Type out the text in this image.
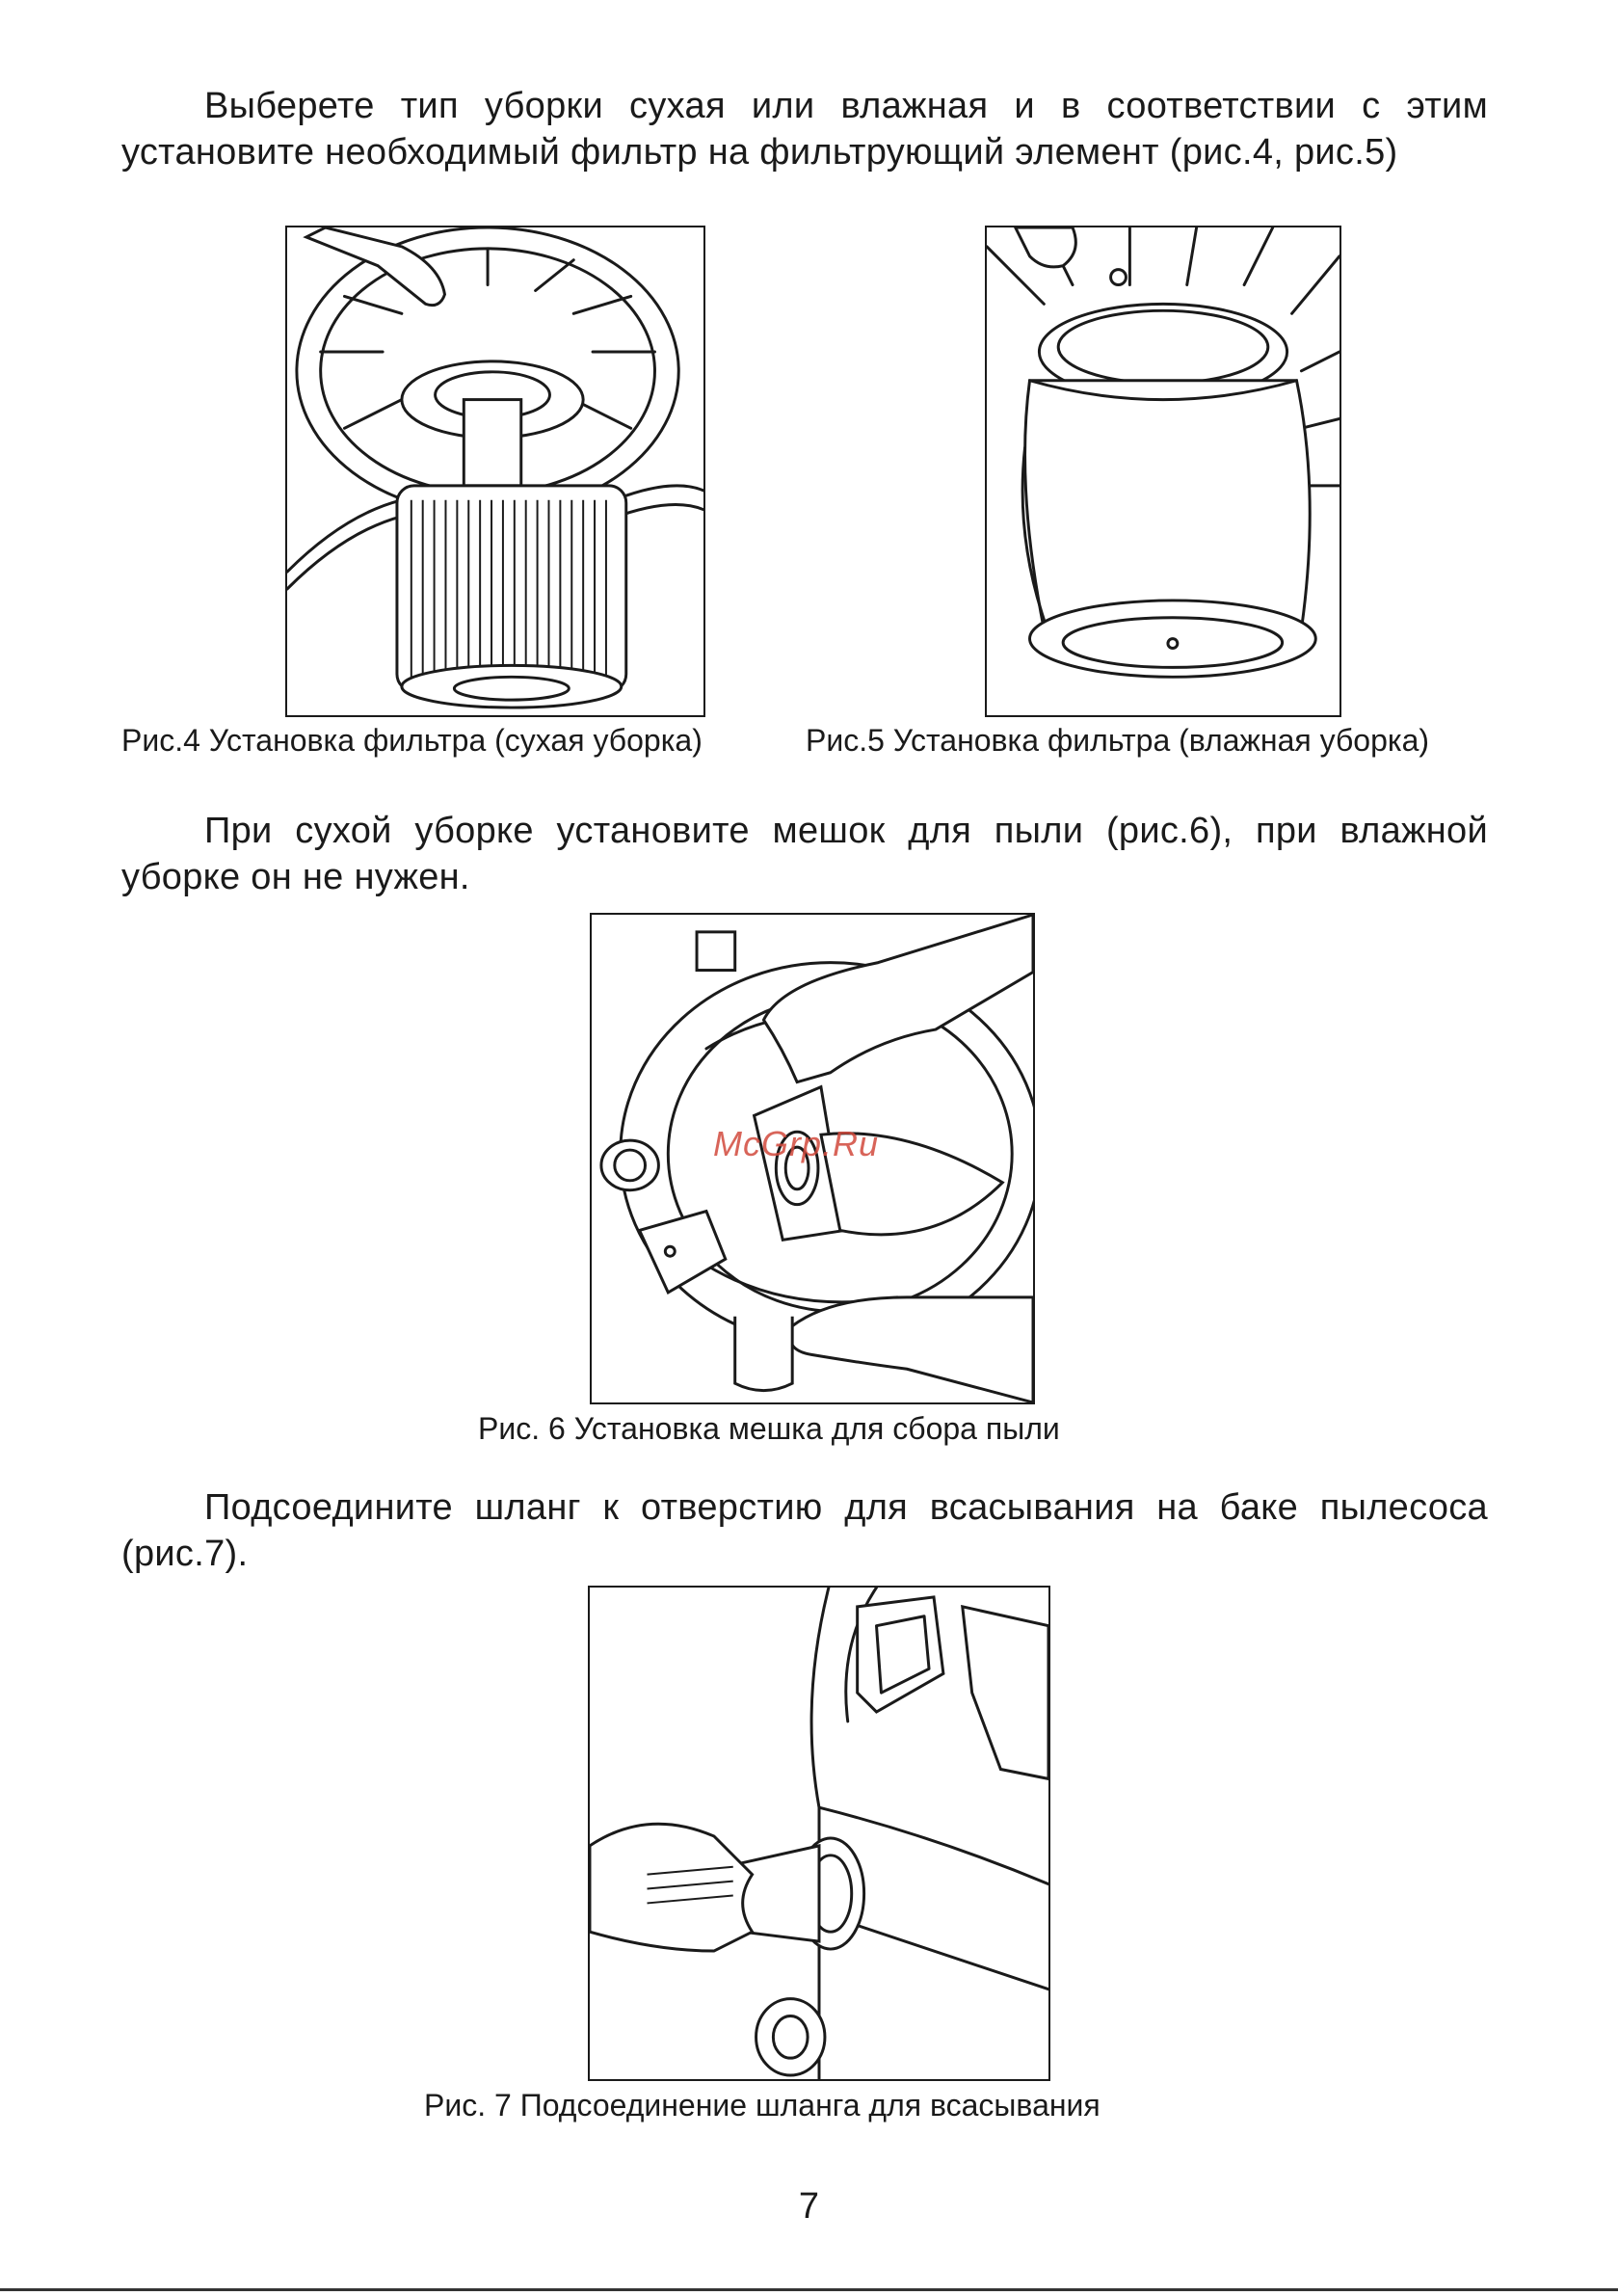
Выберете тип уборки сухая или влажная и в соответствии с этим установите необходимый фильтр на фильтрующий элемент (рис.4, рис.5)

Рис.4 Установка фильтра (сухая уборка)	Рис.5 Установка фильтра (влажная уборка)

При сухой уборке установите мешок для пыли (рис.6), при влажной уборке он не нужен.

McGrp.Ru
Рис. 6 Установка мешка для сбора пыли

Подсоедините шланг к отверстию для всасывания на баке пылесоса (рис.7).

Рис. 7 Подсоединение шланга для всасывания
7
